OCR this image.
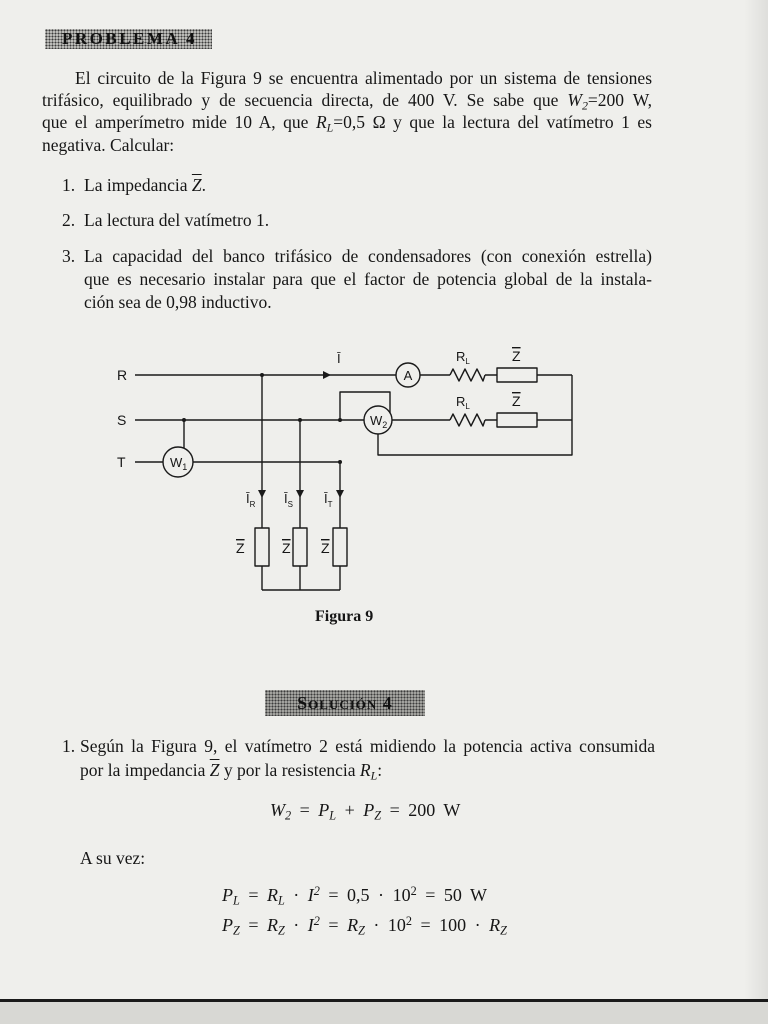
PROBLEMA 4
El circuito de la Figura 9 se encuentra alimentado por un sistema de tensiones
trifásico, equilibrado y de secuencia directa, de 400 V. Se sabe que $W_2=200$ W,
que el amperímetro mide 10 A, que $R_L=0,5$ Ω y que la lectura del vatímetro 1 es
negativa. Calcular:
1. La impedancia $\overline{Z}$.
2. La lectura del vatímetro 1.
3. La capacidad del banco trifásico de condensadores (con conexión estrella)
que es necesario instalar para que el factor de potencia global de la instala-
ción sea de 0,98 inductivo.
R
S
T
A
$W_1$
$W_2$
Ī	$R_L$	Z
$R_L$	Z
$Ī_R$ $Ī_S$ $Ī_T$
Z	Z Z
Figura 9
Solución 4
1. Según la Figura 9, el vatímetro 2 está midiendo la potencia activa consumida
por la impedancia $\overline{Z}$ y por la resistencia $R_L$:
$W_2 = P_L + P_Z = 200$ W
A su vez:
$P_L = R_L \cdot I^2 = 0,5 \cdot 10^2 = 50$ W
$P_Z = R_Z \cdot I^2 = R_Z \cdot 10^2 = 100 \cdot R_Z$
